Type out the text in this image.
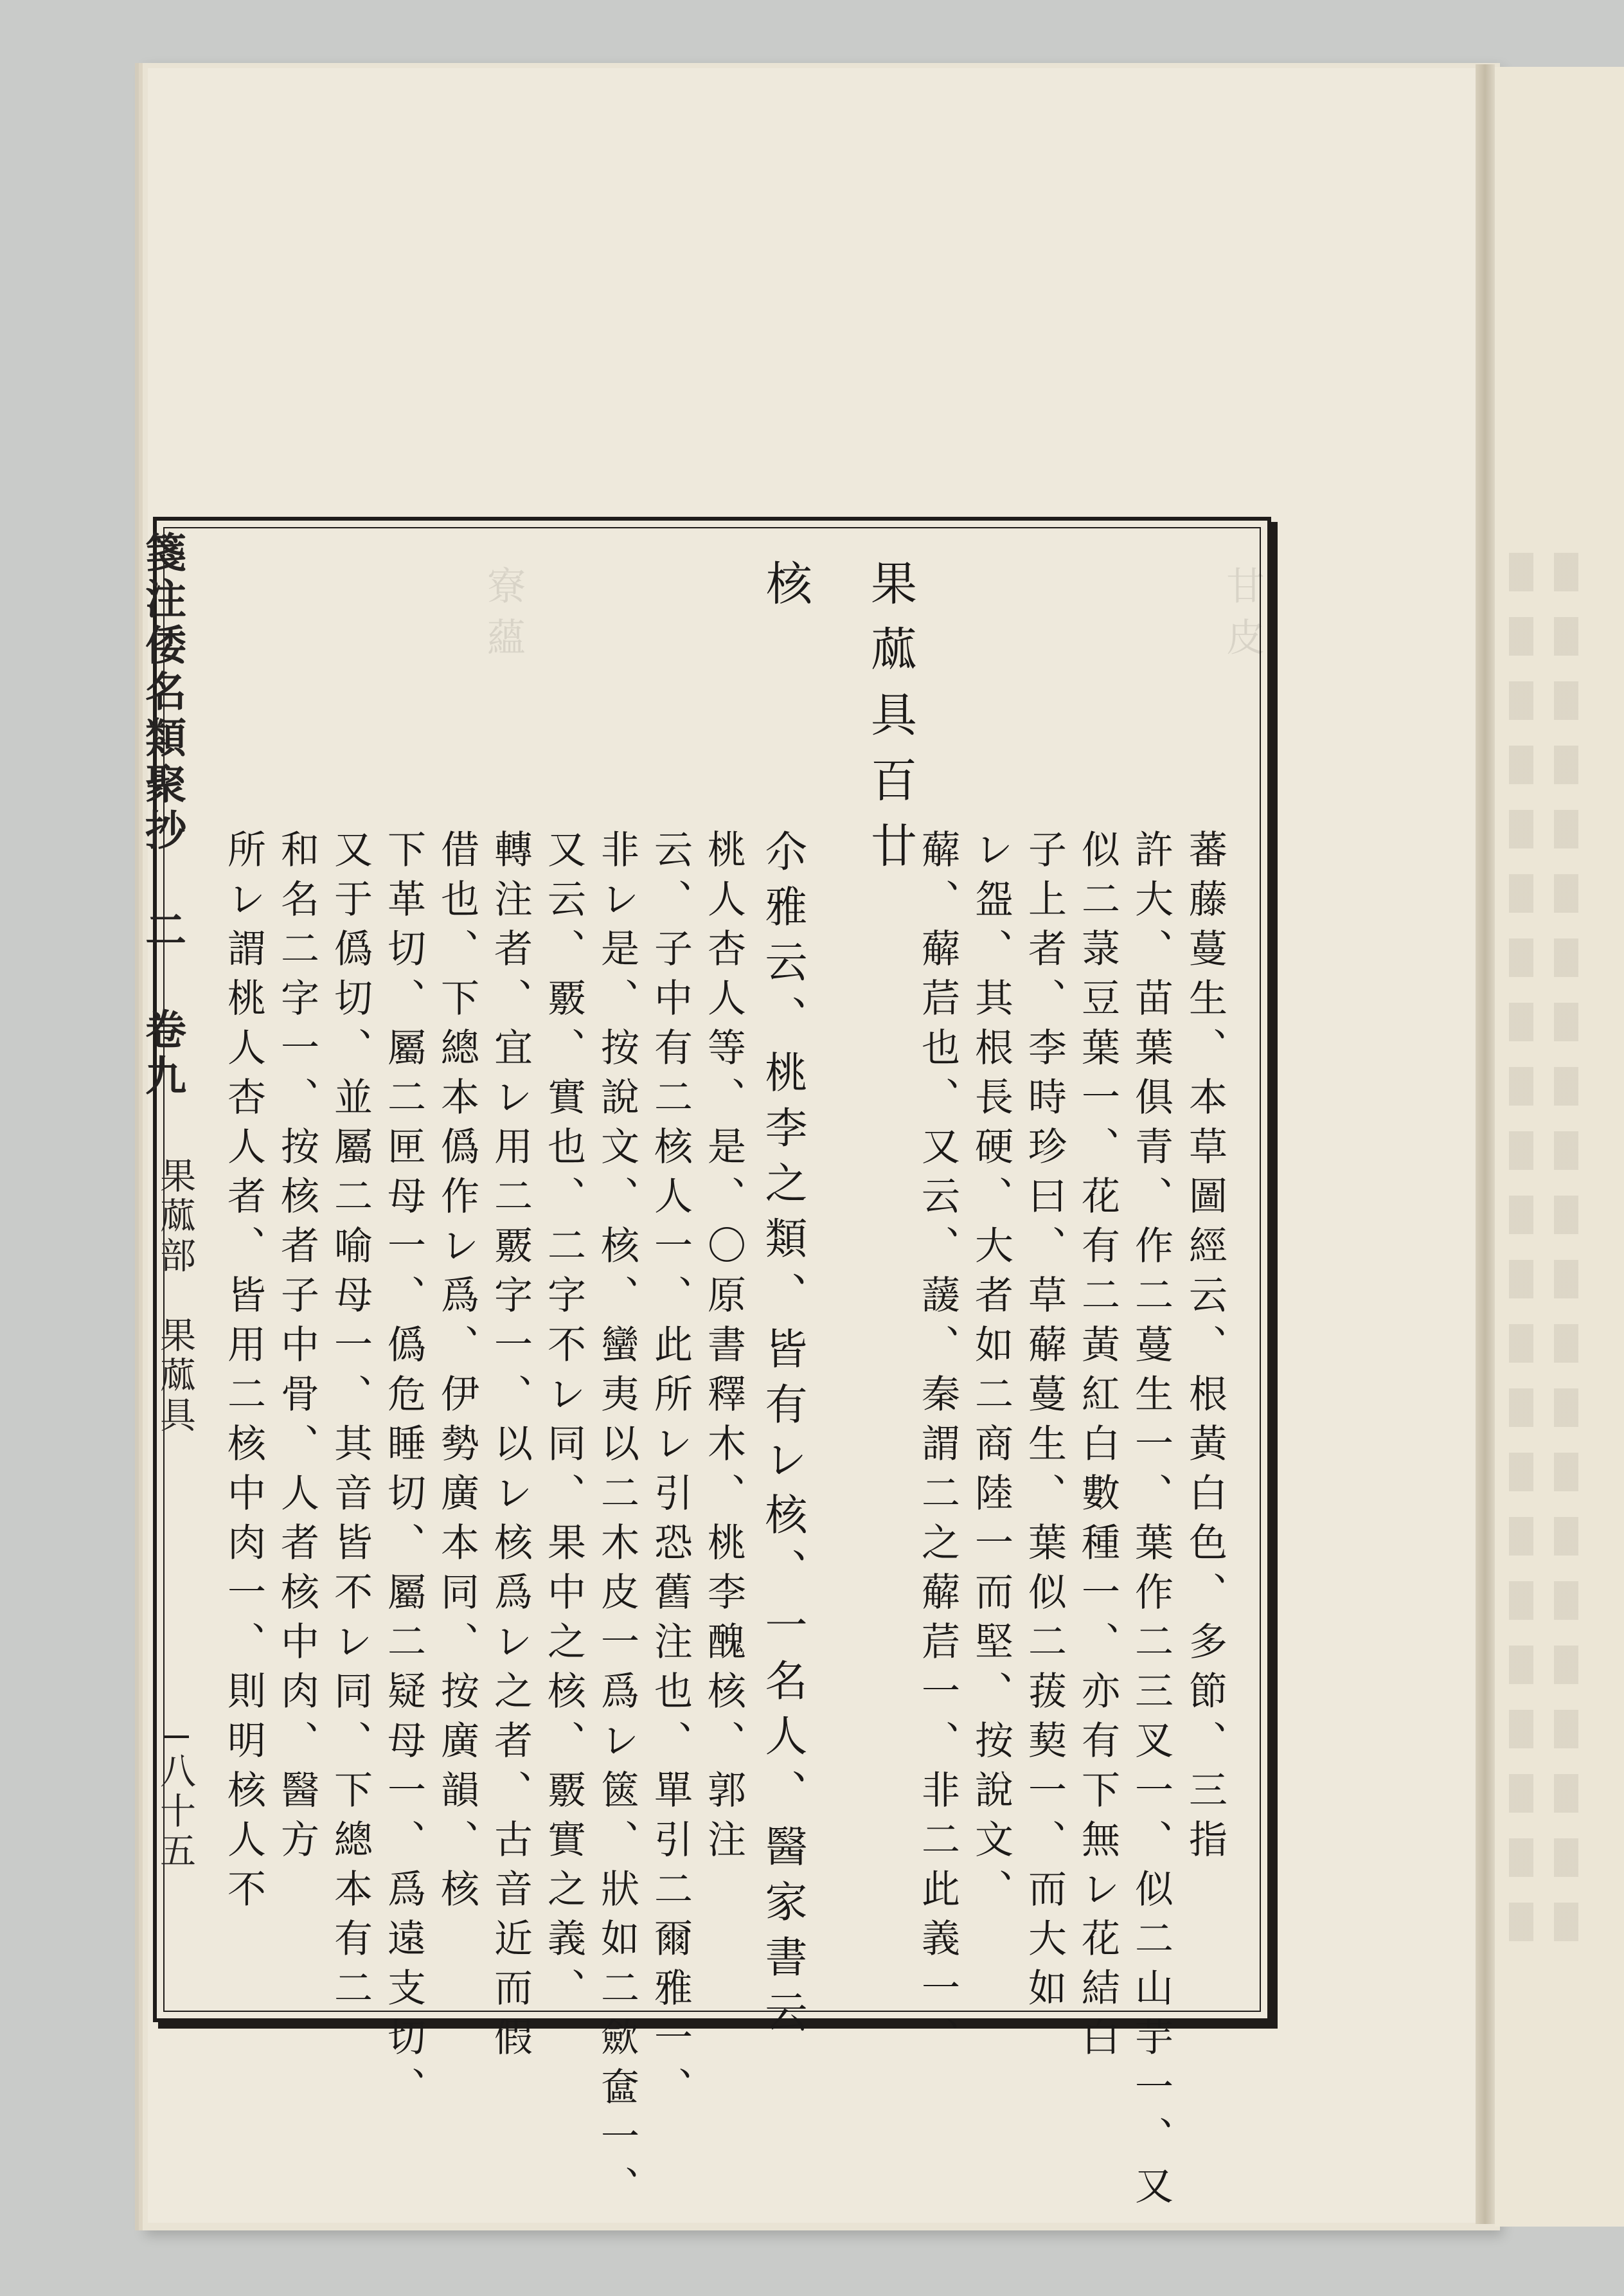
甘皮
寮蘊
箋注倭名類聚抄 二 卷九
果蓏部　果蓏具
八十五	蕃藤蔓生、本草圖經云、根黃白色、多節、三指
許大、苗葉俱青、作二蔓生一、葉作二三叉一、似二山芋一、又
似二菉豆葉一、花有二黃紅白數種一、亦有下無レ花結白
子上者、李時珍曰、草薢蔓生、葉似二菝葜一、而大如
レ盌、其根長硬、大者如二商陸一而堅、按說文、
薢、薢茩也、又云、蘐、秦謂二之薢茩一、非二此義一、
果蓏具百廿
核
尒雅云、桃李之類、皆有レ核、一名人、醫家書云
桃人杏人等、是、〇原書釋木、桃李醜核、郭注
云、子中有二核人一、此所レ引恐舊注也、單引二爾雅一、
非レ是、按說文、核、蠻夷以二木皮一爲レ篋、狀如二歛奩一、
又云、覈、實也、二字不レ同、果中之核、覈實之義、
轉注者、宜レ用二覈字一、以レ核爲レ之者、古音近而假
借也、下總本僞作レ爲、伊勢廣本同、按廣韻、核
下革切、屬二匣母一、僞危睡切、屬二疑母一、爲遠支切、
又于僞切、並屬二喻母一、其音皆不レ同、下總本有二
和名二字一、按核者子中骨、人者核中肉、醫方
所レ謂桃人杏人者、皆用二核中肉一、則明核人不
